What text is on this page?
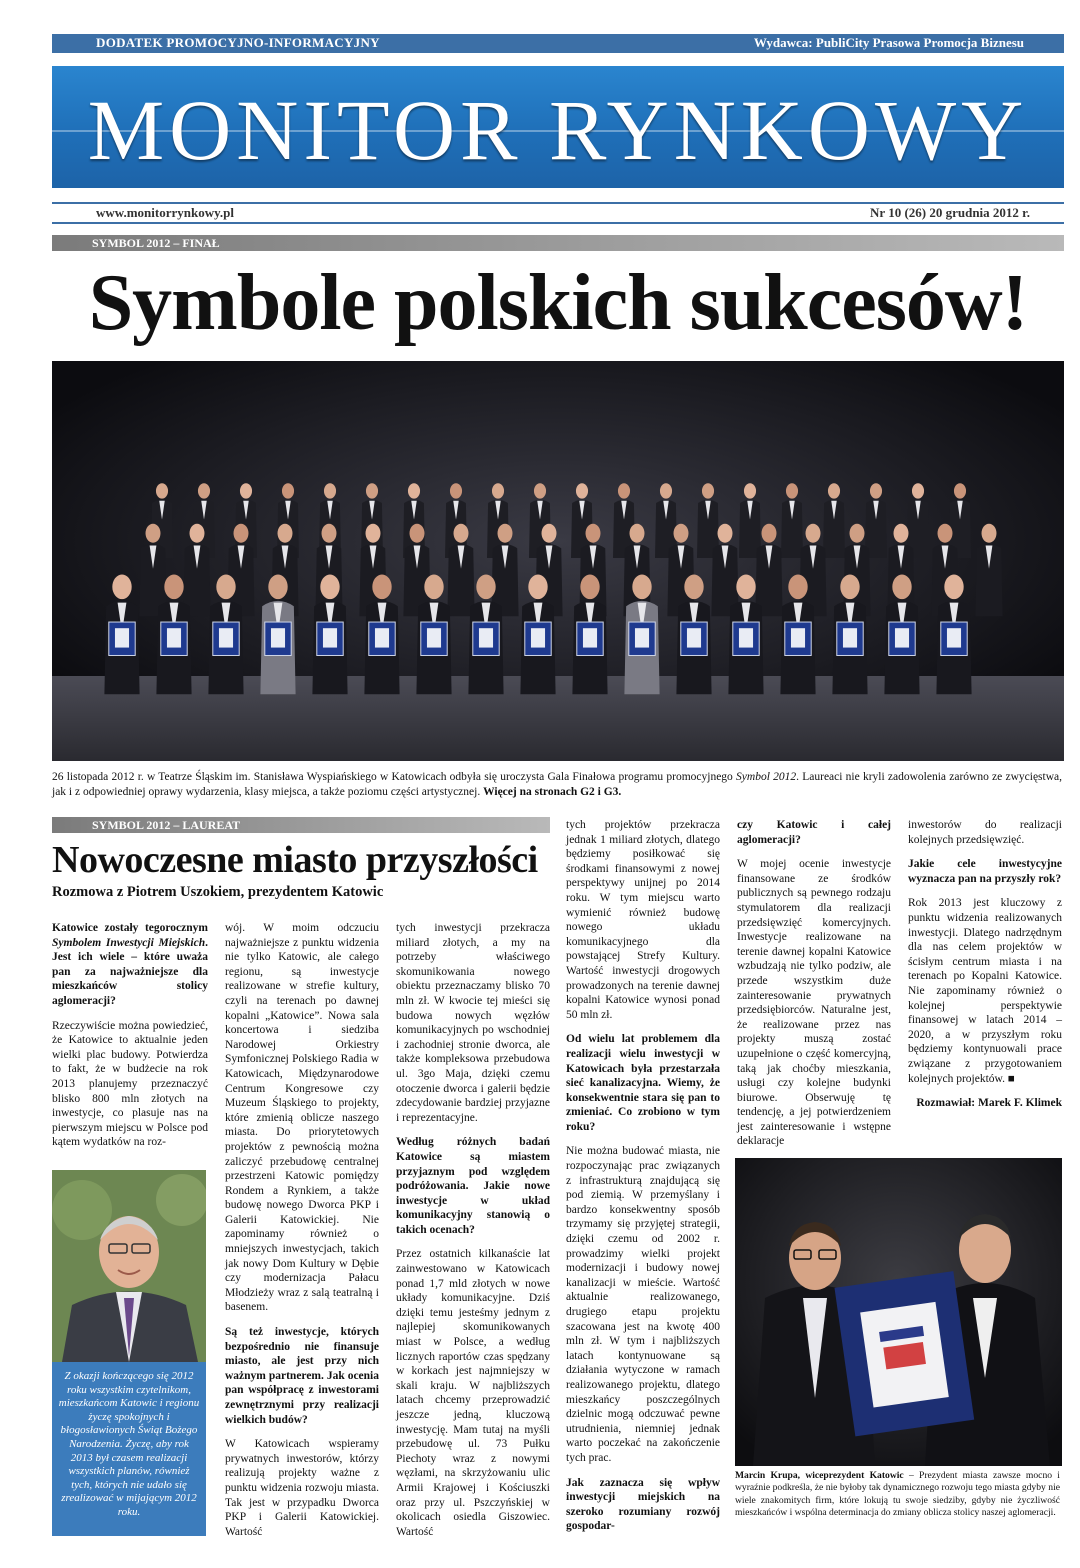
DODATEK PROMOCYJNO-INFORMACYJNY	Wydawca: PubliCity Prasowa Promocja Biznesu
MONITOR RYNKOWY
www.monitorrynkowy.pl	Nr 10 (26) 20 grudnia 2012 r.
SYMBOL 2012 – FINAŁ
Symbole polskich sukcesów!
26 listopada 2012 r. w Teatrze Śląskim im. Stanisława Wyspiańskiego w Katowicach odbyła się uroczysta Gala Finałowa programu promocyjnego Symbol 2012. Laureaci nie kryli zadowolenia zarówno ze zwycięstwa, jak i z odpowiedniej oprawy wydarzenia, klasy miejsca, a także poziomu części artystycznej. Więcej na stronach G2 i G3.
SYMBOL 2012 – LAUREAT
Nowoczesne miasto przyszłości
Rozmowa z Piotrem Uszokiem, prezydentem Katowic

Katowice zostały tegorocznym Symbolem Inwestycji Miejskich. Jest ich wiele – które uważa pan za najważniejsze dla mieszkańców stolicy aglomeracji?

Rzeczywiście można powiedzieć, że Katowice to aktualnie jeden wielki plac budowy. Potwierdza to fakt, że w budżecie na rok 2013 planujemy przeznaczyć blisko 800 mln złotych na inwestycje, co plasuje nas na pierwszym miejscu w Polsce pod kątem wydatków na roz-

Z okazji kończącego się 2012 roku wszystkim czytelnikom, mieszkańcom Katowic i regionu życzę spokojnych i błogosławionych Świąt Bożego Narodzenia. Życzę, aby rok 2013 był czasem realizacji wszystkich planów, również tych, których nie udało się zrealizować w mijającym 2012 roku.

wój. W moim odczuciu najważniejsze z punktu widzenia nie tylko Katowic, ale całego regionu, są inwestycje realizowane w strefie kultury, czyli na terenach po dawnej kopalni „Katowice”. Nowa sala koncertowa i siedziba Narodowej Orkiestry Symfonicznej Polskiego Radia w Katowicach, Międzynarodowe Centrum Kongresowe czy Muzeum Śląskiego to projekty, które zmienią oblicze naszego miasta. Do priorytetowych projektów z pewnością można zaliczyć przebudowę centralnej przestrzeni Katowic pomiędzy Rondem a Rynkiem, a także budowę nowego Dworca PKP i Galerii Katowickiej. Nie zapominamy również o mniejszych inwestycjach, takich jak nowy Dom Kultury w Dębie czy modernizacja Pałacu Młodzieży wraz z salą teatralną i basenem.

Są też inwestycje, których bezpośrednio nie finansuje miasto, ale jest przy nich ważnym partnerem. Jak ocenia pan współpracę z inwestorami zewnętrznymi przy realizacji wielkich budów?

W Katowicach wspieramy prywatnych inwestorów, którzy realizują projekty ważne z punktu widzenia rozwoju miasta. Tak jest w przypadku Dworca PKP i Galerii Katowickiej. Wartość

tych inwestycji przekracza miliard złotych, a my na potrzeby właściwego skomunikowania nowego obiektu przeznaczamy blisko 70 mln zł. W kwocie tej mieści się budowa nowych węzłów komunikacyjnych po wschodniej i zachodniej stronie dworca, ale także kompleksowa przebudowa ul. 3go Maja, dzięki czemu otoczenie dworca i galerii będzie zdecydowanie bardziej przyjazne i reprezentacyjne.

Według różnych badań Katowice są miastem przyjaznym pod względem podróżowania. Jakie nowe inwestycje w układ komunikacyjny stanowią o takich ocenach?

Przez ostatnich kilkanaście lat zainwestowano w Katowicach ponad 1,7 mld złotych w nowe układy komunikacyjne. Dziś dzięki temu jesteśmy jednym z najlepiej skomunikowanych miast w Polsce, a według licznych raportów czas spędzany w korkach jest najmniejszy w skali kraju. W najbliższych latach chcemy przeprowadzić jeszcze jedną, kluczową inwestycję. Mam tutaj na myśli przebudowę ul. 73 Pułku Piechoty wraz z nowymi węzłami, na skrzyżowaniu ulic Armii Krajowej i Kościuszki oraz przy ul. Pszczyńskiej w okolicach osiedla Giszowiec. Wartość

tych projektów przekracza jednak 1 miliard złotych, dlatego będziemy posiłkować się środkami finansowymi z nowej perspektywy unijnej po 2014 roku. W tym miejscu warto wymienić również budowę nowego układu komunikacyjnego dla powstającej Strefy Kultury. Wartość inwestycji drogowych prowadzonych na terenie dawnej kopalni Katowice wynosi ponad 50 mln zł.

Od wielu lat problemem dla realizacji wielu inwestycji w Katowicach była przestarzała sieć kanalizacyjna. Wiemy, że konsekwentnie stara się pan to zmieniać. Co zrobiono w tym roku?

Nie można budować miasta, nie rozpoczynając prac związanych z infrastrukturą znajdującą się pod ziemią. W przemyślany i bardzo konsekwentny sposób trzymamy się przyjętej strategii, dzięki czemu od 2002 r. prowadzimy wielki projekt modernizacji i budowy nowej kanalizacji w mieście. Wartość aktualnie realizowanego, drugiego etapu projektu szacowana jest na kwotę 400 mln zł. W tym i najbliższych latach kontynuowane są działania wytyczone w ramach realizowanego projektu, dlatego mieszkańcy poszczególnych dzielnic mogą odczuwać pewne utrudnienia, niemniej jednak warto poczekać na zakończenie tych prac.

Jak zaznacza się wpływ inwestycji miejskich na szeroko rozumiany rozwój gospodar-

czy Katowic i całej aglomeracji?

W mojej ocenie inwestycje finansowane ze środków publicznych są pewnego rodzaju stymulatorem dla realizacji przedsięwzięć komercyjnych. Inwestycje realizowane na terenie dawnej kopalni Katowice wzbudzają nie tylko podziw, ale przede wszystkim duże zainteresowanie prywatnych przedsiębiorców. Naturalne jest, że realizowane przez nas projekty muszą zostać uzupełnione o część komercyjną, taką jak choćby mieszkania, usługi czy kolejne budynki biurowe. Obserwuję tę tendencję, a jej potwierdzeniem jest zainteresowanie i wstępne deklaracje

inwestorów do realizacji kolejnych przedsięwzięć.

Jakie cele inwestycyjne wyznacza pan na przyszły rok?

Rok 2013 jest kluczowy z punktu widzenia realizowanych inwestycji. Dlatego nadrzędnym dla nas celem projektów w ścisłym centrum miasta i na terenach po Kopalni Katowice. Nie zapominamy również o kolejnej perspektywie finansowej w latach 2014 – 2020, a w przyszłym roku będziemy kontynuowali prace związane z przygotowaniem kolejnych projektów. ■

Rozmawiał: Marek F. Klimek

Marcin Krupa, wiceprezydent Katowic – Prezydent miasta zawsze mocno i wyraźnie podkreśla, że nie byłoby tak dynamicznego rozwoju tego miasta gdyby nie wiele znakomitych firm, które lokują tu swoje siedziby, gdyby nie życzliwość mieszkańców i wspólna determinacja do zmiany oblicza stolicy naszej aglomeracji.
